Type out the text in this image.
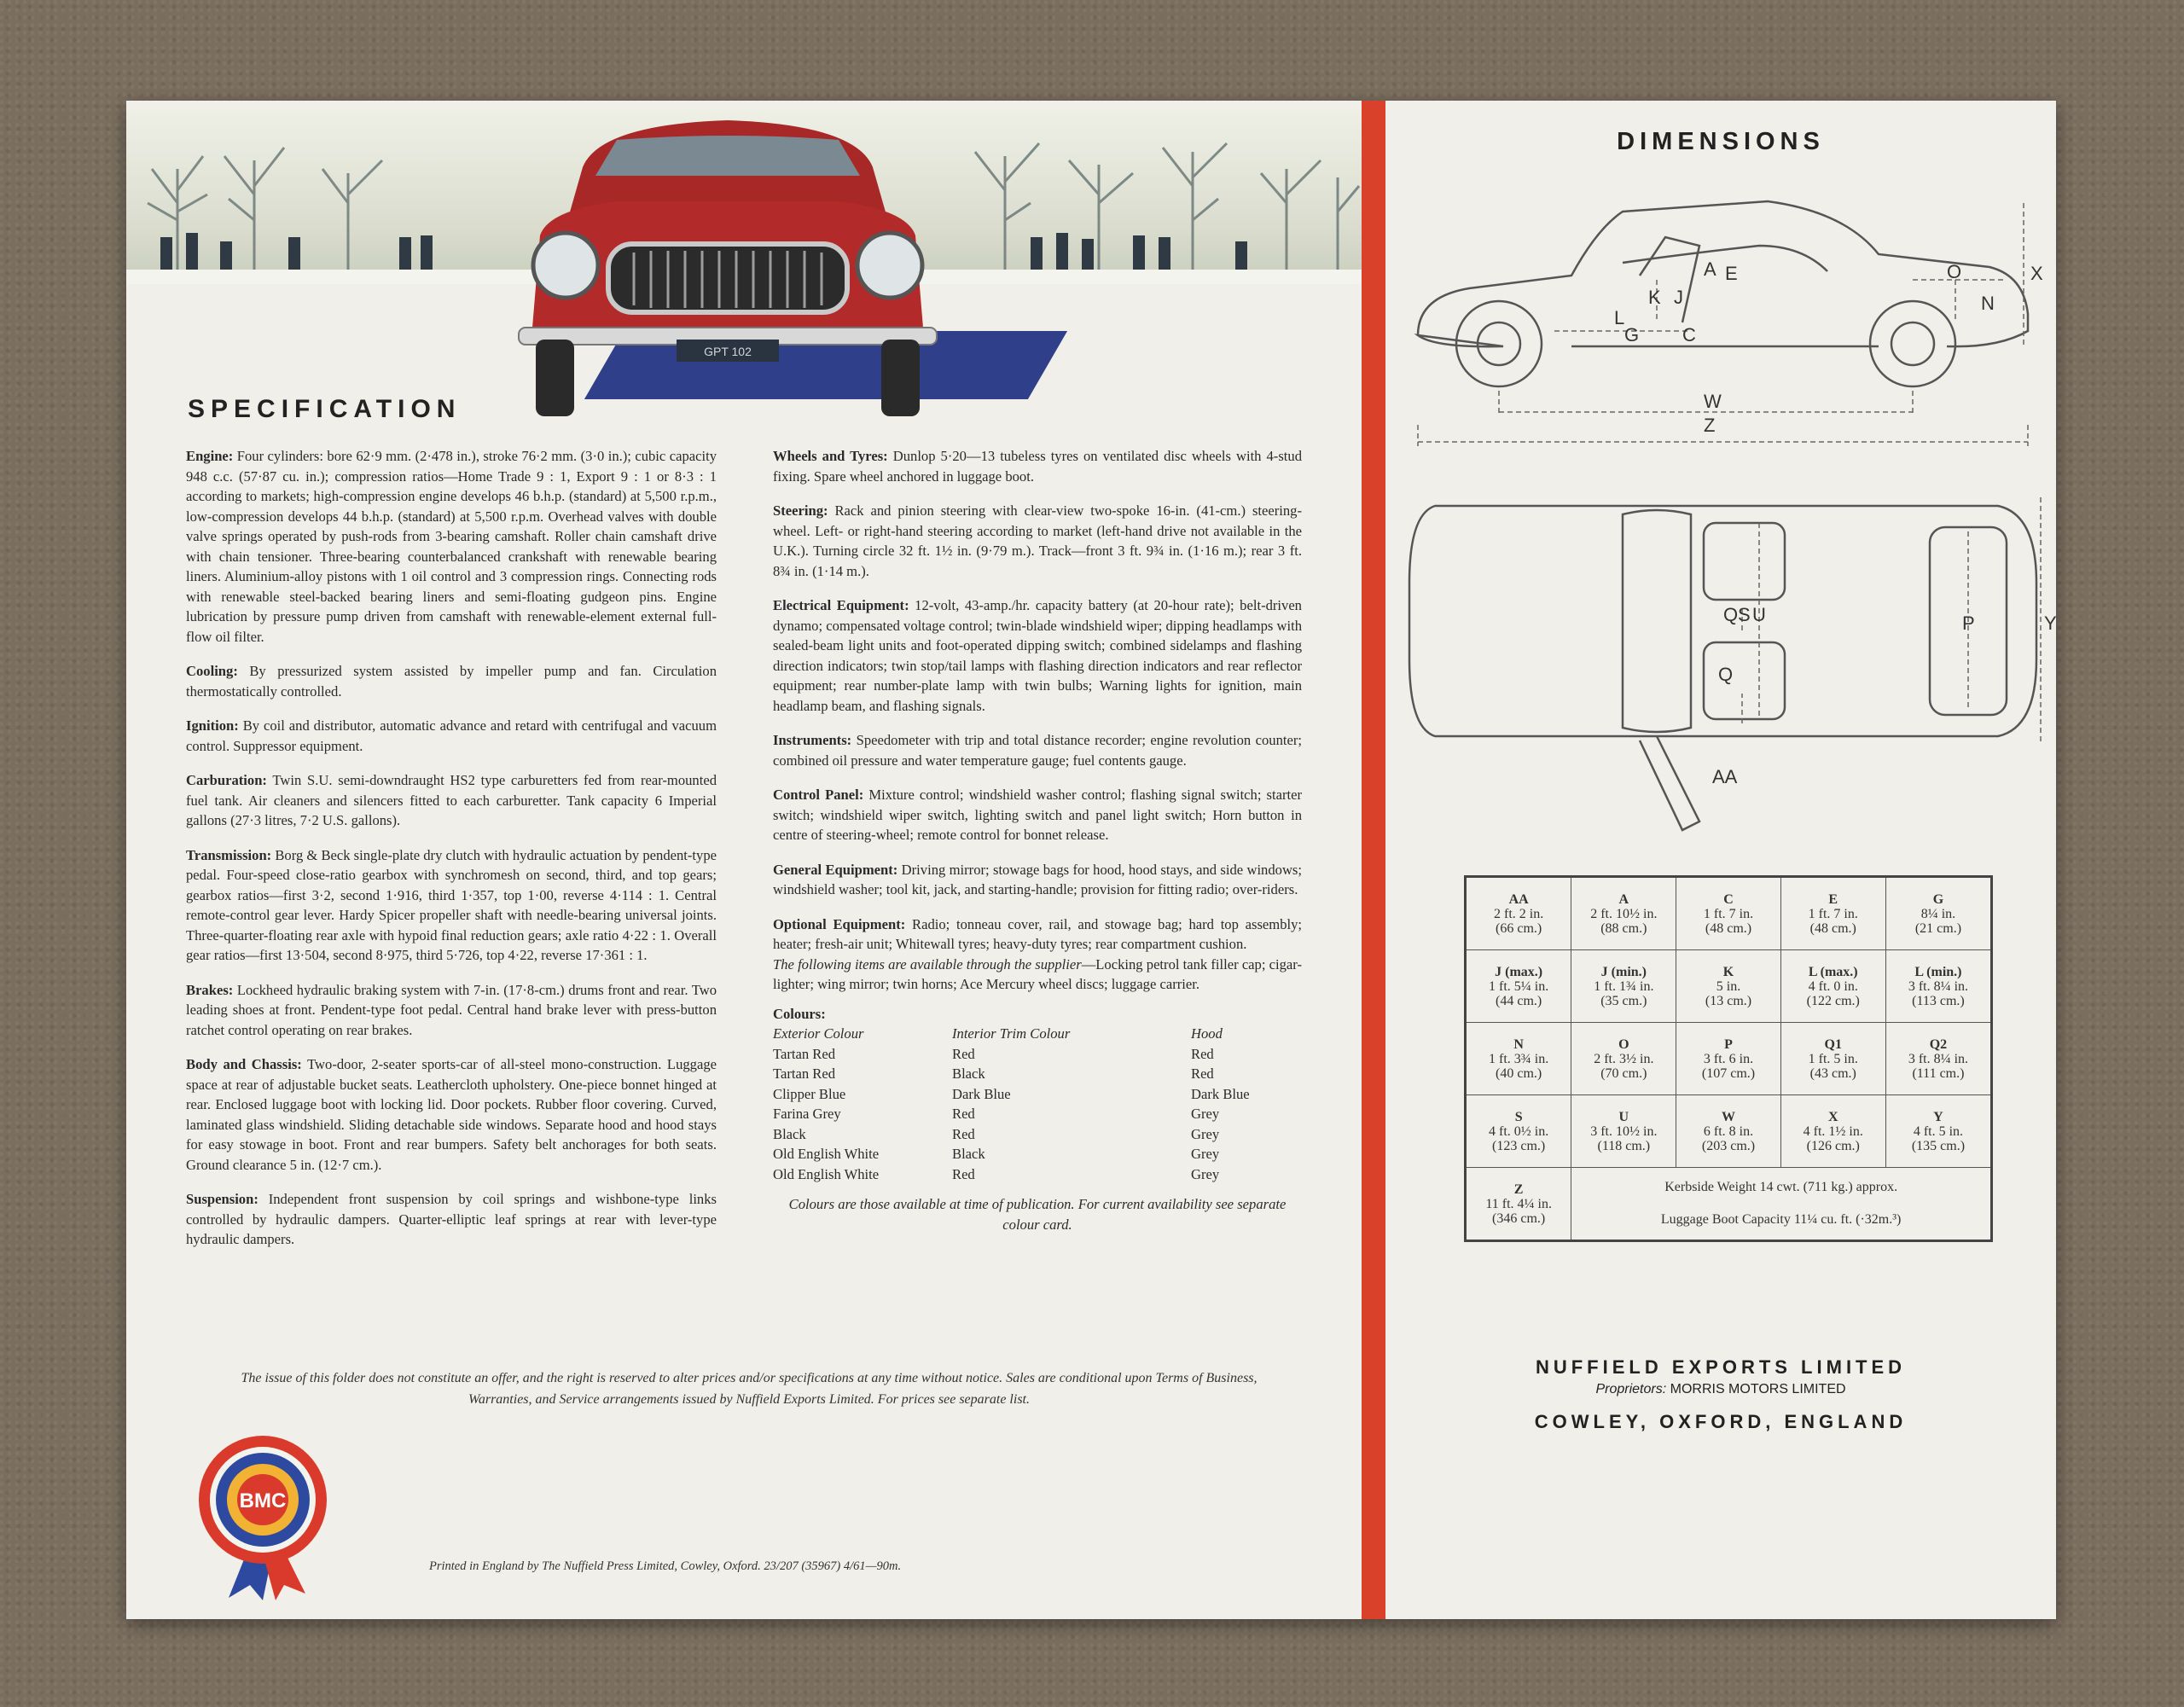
GPT 102
SPECIFICATION

Engine: Four cylinders: bore 62·9 mm. (2·478 in.), stroke 76·2 mm. (3·0 in.); cubic capacity 948 c.c. (57·87 cu. in.); compression ratios—Home Trade 9 : 1, Export 9 : 1 or 8·3 : 1 according to markets; high-compression engine develops 46 b.h.p. (standard) at 5,500 r.p.m., low-compression develops 44 b.h.p. (standard) at 5,500 r.p.m. Overhead valves with double valve springs operated by push-rods from 3-bearing camshaft. Roller chain camshaft drive with chain tensioner. Three-bearing counterbalanced crankshaft with renewable bearing liners. Aluminium-alloy pistons with 1 oil control and 3 compression rings. Connecting rods with renewable steel-backed bearing liners and semi-floating gudgeon pins. Engine lubrication by pressure pump driven from camshaft with renewable-element external full-flow oil filter.

Cooling: By pressurized system assisted by impeller pump and fan. Circulation thermostatically controlled.

Ignition: By coil and distributor, automatic advance and retard with centrifugal and vacuum control. Suppressor equipment.

Carburation: Twin S.U. semi-downdraught HS2 type carburetters fed from rear-mounted fuel tank. Air cleaners and silencers fitted to each carburetter. Tank capacity 6 Imperial gallons (27·3 litres, 7·2 U.S. gallons).

Transmission: Borg & Beck single-plate dry clutch with hydraulic actuation by pendent-type pedal. Four-speed close-ratio gearbox with synchromesh on second, third, and top gears; gearbox ratios—first 3·2, second 1·916, third 1·357, top 1·00, reverse 4·114 : 1. Central remote-control gear lever. Hardy Spicer propeller shaft with needle-bearing universal joints. Three-quarter-floating rear axle with hypoid final reduction gears; axle ratio 4·22 : 1. Overall gear ratios—first 13·504, second 8·975, third 5·726, top 4·22, reverse 17·361 : 1.

Brakes: Lockheed hydraulic braking system with 7-in. (17·8-cm.) drums front and rear. Two leading shoes at front. Pendent-type foot pedal. Central hand brake lever with press-button ratchet control operating on rear brakes.

Body and Chassis: Two-door, 2-seater sports-car of all-steel mono-construction. Luggage space at rear of adjustable bucket seats. Leathercloth upholstery. One-piece bonnet hinged at rear. Enclosed luggage boot with locking lid. Door pockets. Rubber floor covering. Curved, laminated glass windshield. Sliding detachable side windows. Separate hood and hood stays for easy stowage in boot. Front and rear bumpers. Safety belt anchorages for both seats. Ground clearance 5 in. (12·7 cm.).

Suspension: Independent front suspension by coil springs and wishbone-type links controlled by hydraulic dampers. Quarter-elliptic leaf springs at rear with lever-type hydraulic dampers.

Wheels and Tyres: Dunlop 5·20—13 tubeless tyres on ventilated disc wheels with 4-stud fixing. Spare wheel anchored in luggage boot.

Steering: Rack and pinion steering with clear-view two-spoke 16-in. (41-cm.) steering-wheel. Left- or right-hand steering according to market (left-hand drive not available in the U.K.). Turning circle 32 ft. 1½ in. (9·79 m.). Track—front 3 ft. 9¾ in. (1·16 m.); rear 3 ft. 8¾ in. (1·14 m.).

Electrical Equipment: 12-volt, 43-amp./hr. capacity battery (at 20-hour rate); belt-driven dynamo; compensated voltage control; twin-blade windshield wiper; dipping headlamps with sealed-beam light units and foot-operated dipping switch; combined sidelamps and flashing direction indicators; twin stop/tail lamps with flashing direction indicators and rear reflector equipment; rear number-plate lamp with twin bulbs; Warning lights for ignition, main headlamp beam, and flashing signals.

Instruments: Speedometer with trip and total distance recorder; engine revolution counter; combined oil pressure and water temperature gauge; fuel contents gauge.

Control Panel: Mixture control; windshield washer control; flashing signal switch; starter switch; windshield wiper switch, lighting switch and panel light switch; Horn button in centre of steering-wheel; remote control for bonnet release.

General Equipment: Driving mirror; stowage bags for hood, hood stays, and side windows; windshield washer; tool kit, jack, and starting-handle; provision for fitting radio; over-riders.

Optional Equipment: Radio; tonneau cover, rail, and stowage bag; hard top assembly; heater; fresh-air unit; Whitewall tyres; heavy-duty tyres; rear compartment cushion.
The following items are available through the supplier—Locking petrol tank filler cap; cigar-lighter; wing mirror; twin horns; Ace Mercury wheel discs; luggage carrier.

Colours:
Exterior Colour	Interior Trim Colour	Hood
Tartan Red	Red	Red
Tartan Red	Black	Red
Clipper Blue	Dark Blue	Dark Blue
Farina Grey	Red	Grey
Black	Red	Grey
Old English White	Black	Grey
Old English White	Red	Grey
Colours are those available at time of publication. For current availability see separate colour card.
The issue of this folder does not constitute an offer, and the right is reserved to alter prices and/or specifications at any time without notice. Sales are conditional upon Terms of Business, Warranties, and Service arrangements issued by Nuffield Exports Limited. For prices see separate list.
BMC
Printed in England by The Nuffield Press Limited, Cowley, Oxford. 23/207 (35967) 4/61—90m.
DIMENSIONS
A E
K J
L
G C
O
N
X
W
Z
Q S U
Q
P	Y
AA
AA
2 ft. 2 in.
(66 cm.)	A
2 ft. 10½ in.
(88 cm.)	C
1 ft. 7 in.
(48 cm.)	E
1 ft. 7 in.
(48 cm.)	G
8¼ in.
(21 cm.)

J (max.)
1 ft. 5¼ in.
(44 cm.)	J (min.)
1 ft. 1¾ in.
(35 cm.)	K
5 in.
(13 cm.)	L (max.)
4 ft. 0 in.
(122 cm.)	L (min.)
3 ft. 8¼ in.
(113 cm.)

N
1 ft. 3¾ in.
(40 cm.)	O
2 ft. 3½ in.
(70 cm.)	P
3 ft. 6 in.
(107 cm.)	Q1
1 ft. 5 in.
(43 cm.)	Q2
3 ft. 8¼ in.
(111 cm.)

S
4 ft. 0½ in.
(123 cm.)	U
3 ft. 10½ in.
(118 cm.)	W
6 ft. 8 in.
(203 cm.)	X
4 ft. 1½ in.
(126 cm.)	Y
4 ft. 5 in.
(135 cm.)

Z
11 ft. 4¼ in.
(346 cm.)	Kerbside Weight 14 cwt. (711 kg.) approx.
Luggage Boot Capacity 11¼ cu. ft. (·32m.³)			
NUFFIELD EXPORTS LIMITED
Proprietors: MORRIS MOTORS LIMITED
COWLEY, OXFORD, ENGLAND
